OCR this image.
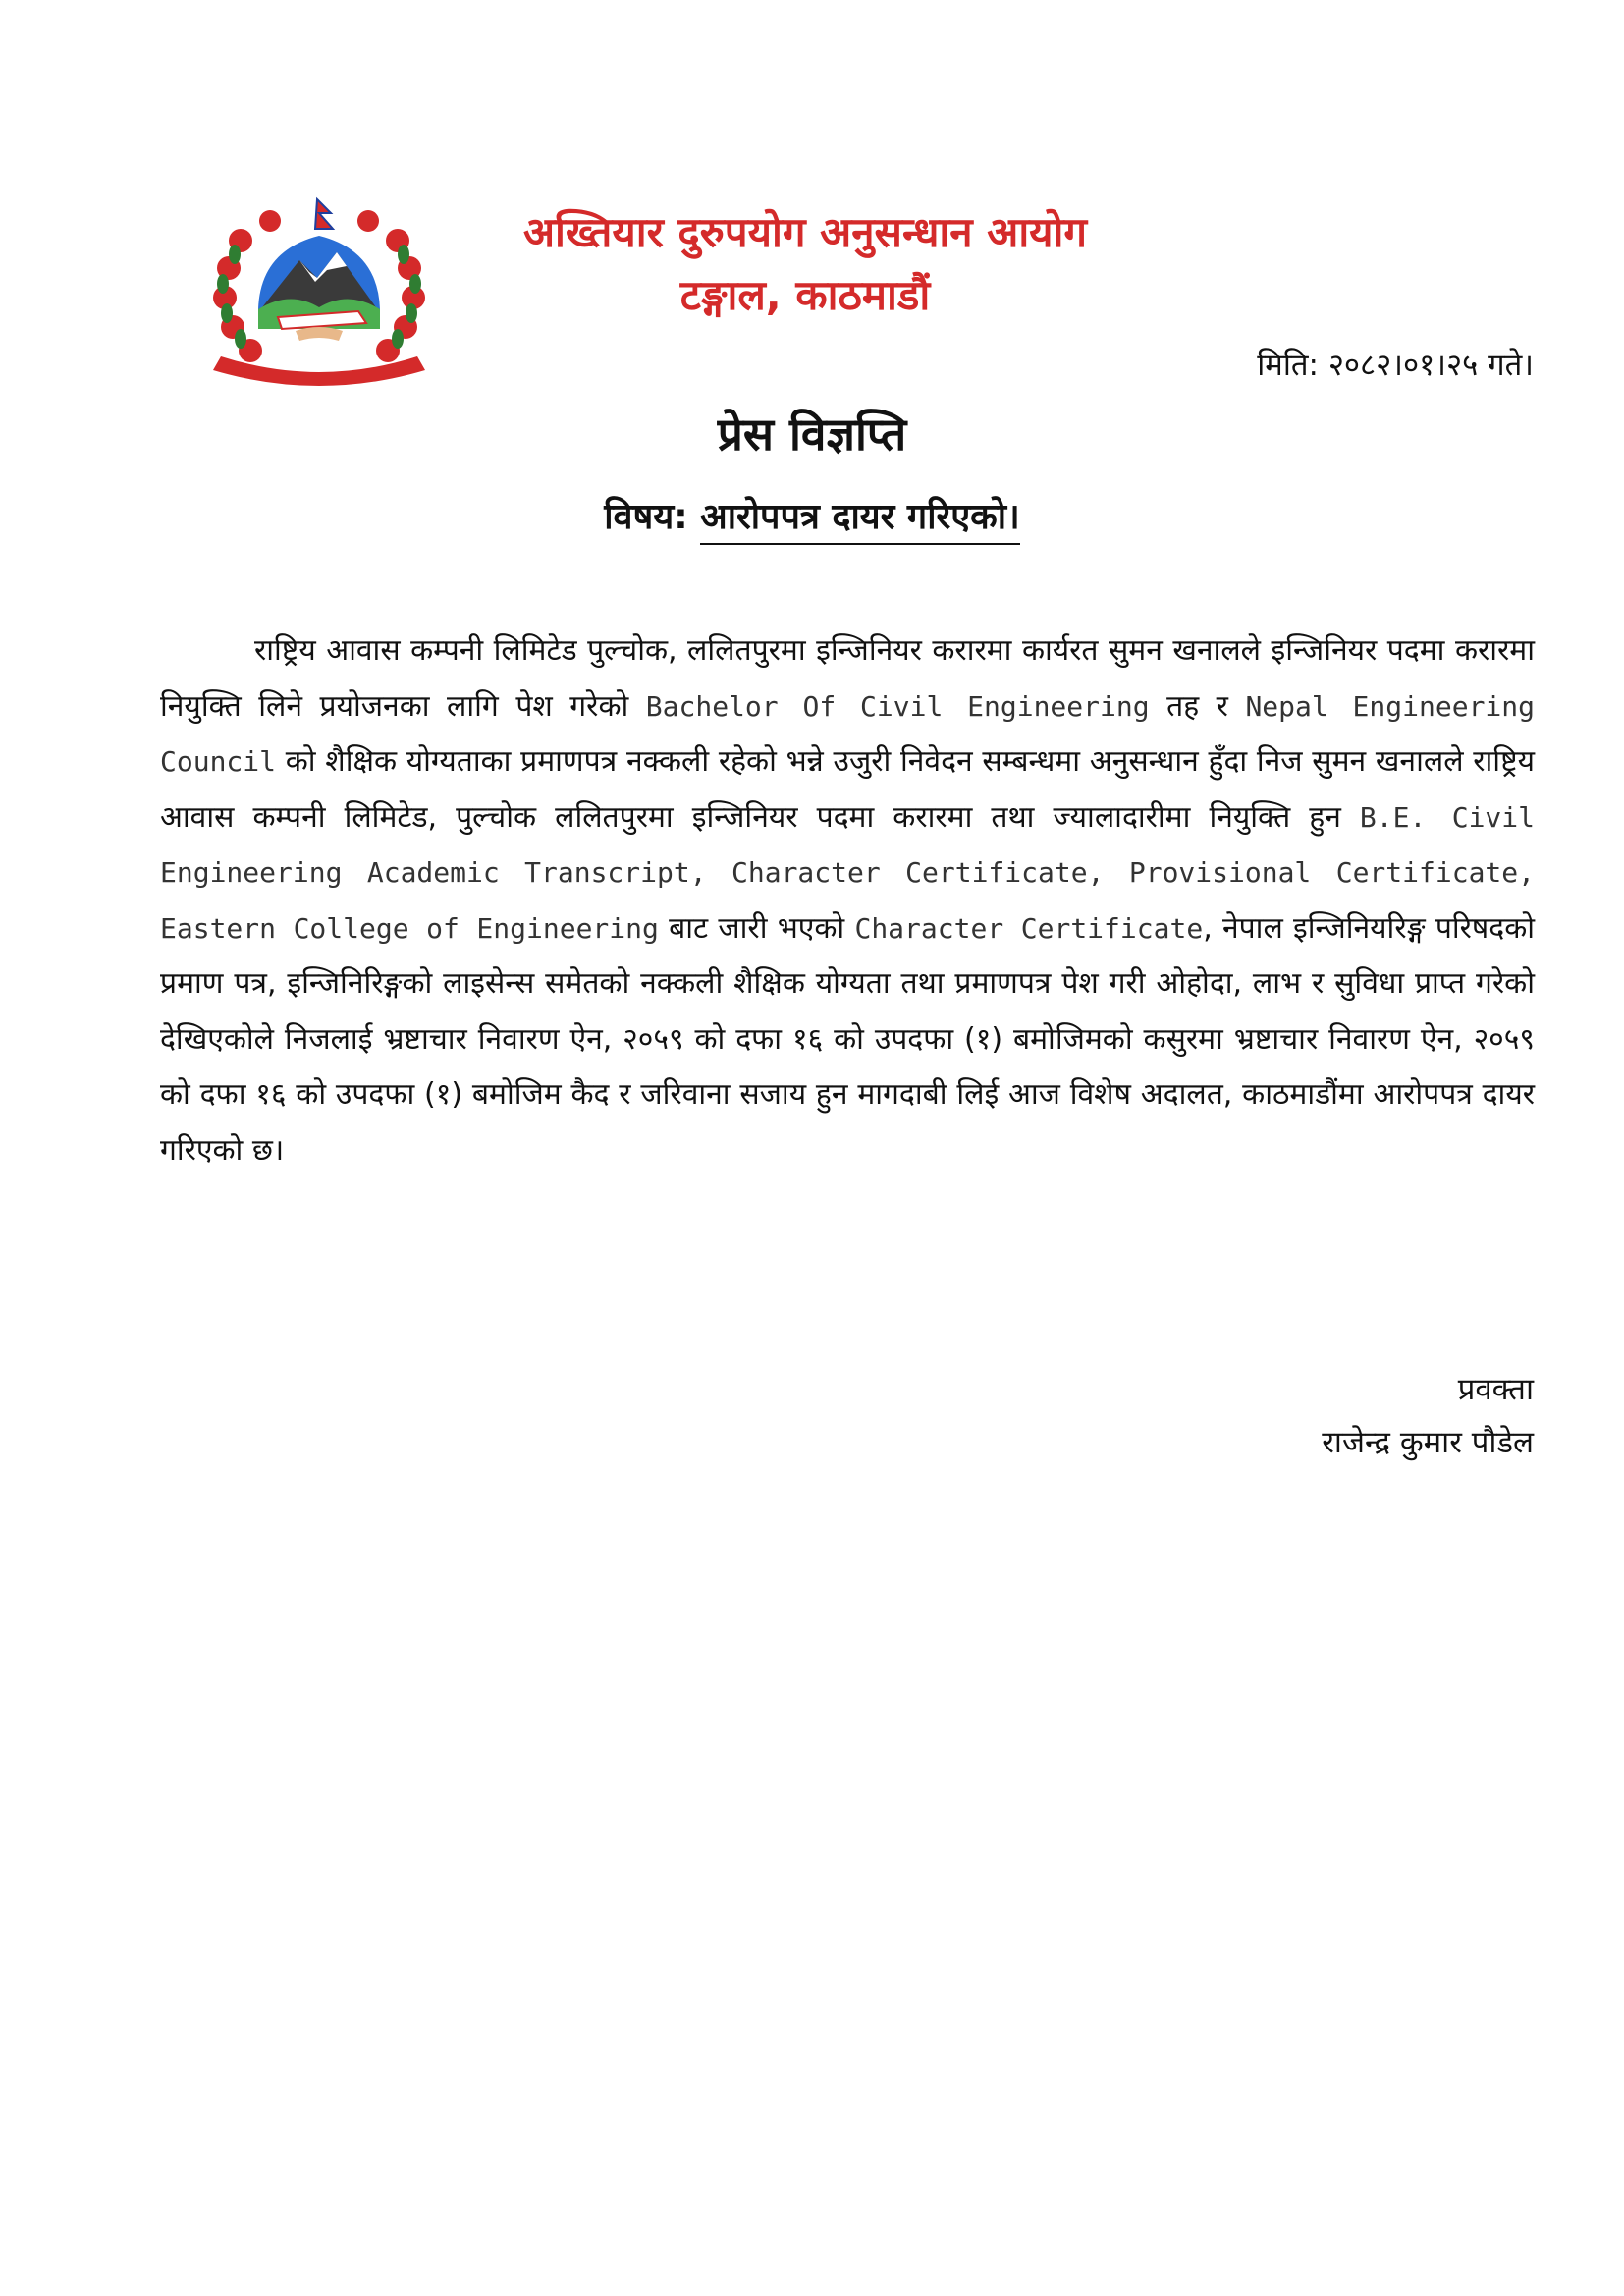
अख्तियार दुरुपयोग अनुसन्धान आयोग
टङ्गाल, काठमाडौं
मिति: २०८२।०१।२५ गते।
प्रेस विज्ञप्ति
विषय: आरोपपत्र दायर गरिएको।

राष्ट्रिय आवास कम्पनी लिमिटेड पुल्चोक, ललितपुरमा इन्जिनियर करारमा कार्यरत सुमन खनालले इन्जिनियर पदमा करारमा नियुक्ति लिने प्रयोजनका लागि पेश गरेको Bachelor Of Civil Engineering तह र Nepal Engineering Council को शैक्षिक योग्यताका प्रमाणपत्र नक्कली रहेको भन्ने उजुरी निवेदन सम्बन्धमा अनुसन्धान हुँदा निज सुमन खनालले राष्ट्रिय आवास कम्पनी लिमिटेड, पुल्चोक ललितपुरमा इन्जिनियर पदमा करारमा तथा ज्यालादारीमा नियुक्ति हुन B.E. Civil Engineering Academic Transcript, Character Certificate, Provisional Certificate, Eastern College of Engineering बाट जारी भएको Character Certificate, नेपाल इन्जिनियरिङ्ग परिषदको प्रमाण पत्र, इन्जिनिरिङ्गको लाइसेन्स समेतको नक्कली शैक्षिक योग्यता तथा प्रमाणपत्र पेश गरी ओहोदा, लाभ र सुविधा प्राप्त गरेको देखिएकोले निजलाई भ्रष्टाचार निवारण ऐन, २०५९ को दफा १६ को उपदफा (१) बमोजिमको कसुरमा भ्रष्टाचार निवारण ऐन, २०५९ को दफा १६ को उपदफा (१) बमोजिम कैद र जरिवाना सजाय हुन मागदाबी लिई आज विशेष अदालत, काठमाडौंमा आरोपपत्र दायर गरिएको छ।

प्रवक्ता
राजेन्द्र कुमार पौडेल
